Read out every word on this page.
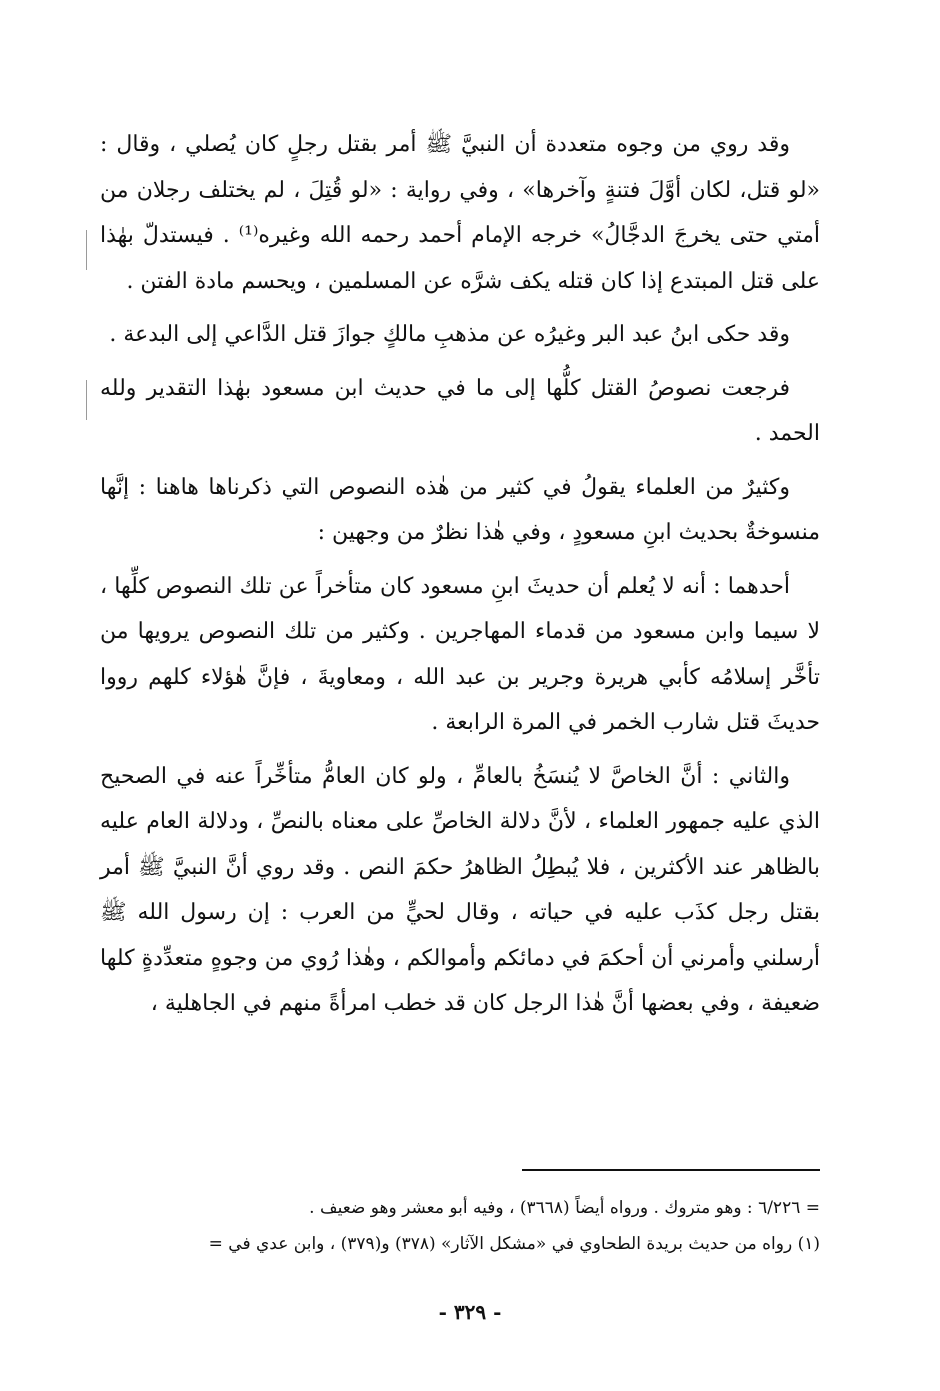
وقد روي من وجوه متعددة أن النبيَّ ﷺ أمر بقتل رجلٍ كان يُصلي ، وقال : «لو قتل، لكان أوَّلَ فتنةٍ وآخرها» ، وفي رواية : «لو قُتِلَ ، لم يختلف رجلان من أمتي حتى يخرجَ الدجَّالُ» خرجه الإمام أحمد رحمه الله وغيره⁽¹⁾ . فيستدلّ بهٰذا على قتل المبتدع إذا كان قتله يكف شرَّه عن المسلمين ، ويحسم مادة الفتن .

وقد حكى ابنُ عبد البر وغيرُه عن مذهبِ مالكٍ جوازَ قتل الدَّاعي إلى البدعة .

فرجعت نصوصُ القتل كلُّها إلى ما في حديث ابن مسعود بهٰذا التقدير ولله الحمد .

وكثيرٌ من العلماء يقولُ في كثير من هٰذه النصوص التي ذكرناها هاهنا : إنَّها منسوخةٌ بحديث ابنِ مسعودٍ ، وفي هٰذا نظرٌ من وجهين :

أحدهما : أنه لا يُعلم أن حديثَ ابنِ مسعود كان متأخراً عن تلك النصوص كلِّها ، لا سيما وابن مسعود من قدماء المهاجرين . وكثير من تلك النصوص يرويها من تأخَّر إسلامُه كأبي هريرة وجرير بن عبد الله ، ومعاويةَ ، فإنَّ هٰؤلاء كلهم رووا حديثَ قتل شارب الخمر في المرة الرابعة .

والثاني : أنَّ الخاصَّ لا يُنسَخُ بالعامِّ ، ولو كان العامُّ متأخِّراً عنه في الصحيح الذي عليه جمهور العلماء ، لأنَّ دلالة الخاصِّ على معناه بالنصِّ ، ودلالة العام عليه بالظاهر عند الأكثرين ، فلا يُبطِلُ الظاهرُ حكمَ النص . وقد روي أنَّ النبيَّ ﷺ أمر بقتل رجل كذَب عليه في حياته ، وقال لحيٍّ من العرب : إن رسول الله ﷺ أرسلني وأمرني أن أحكمَ في دمائكم وأموالكم ، وهٰذا رُوي من وجوهٍ متعدِّدةٍ كلها ضعيفة ، وفي بعضها أنَّ هٰذا الرجل كان قد خطب امرأةً منهم في الجاهلية ،

= ٦/٢٢٦ : وهو متروك . ورواه أيضاً (٣٦٦٨) ، وفيه أبو معشر وهو ضعيف .

(١) رواه من حديث بريدة الطحاوي في «مشكل الآثار» (٣٧٨) و(٣٧٩) ، وابن عدي في =

- ٣٢٩ -
